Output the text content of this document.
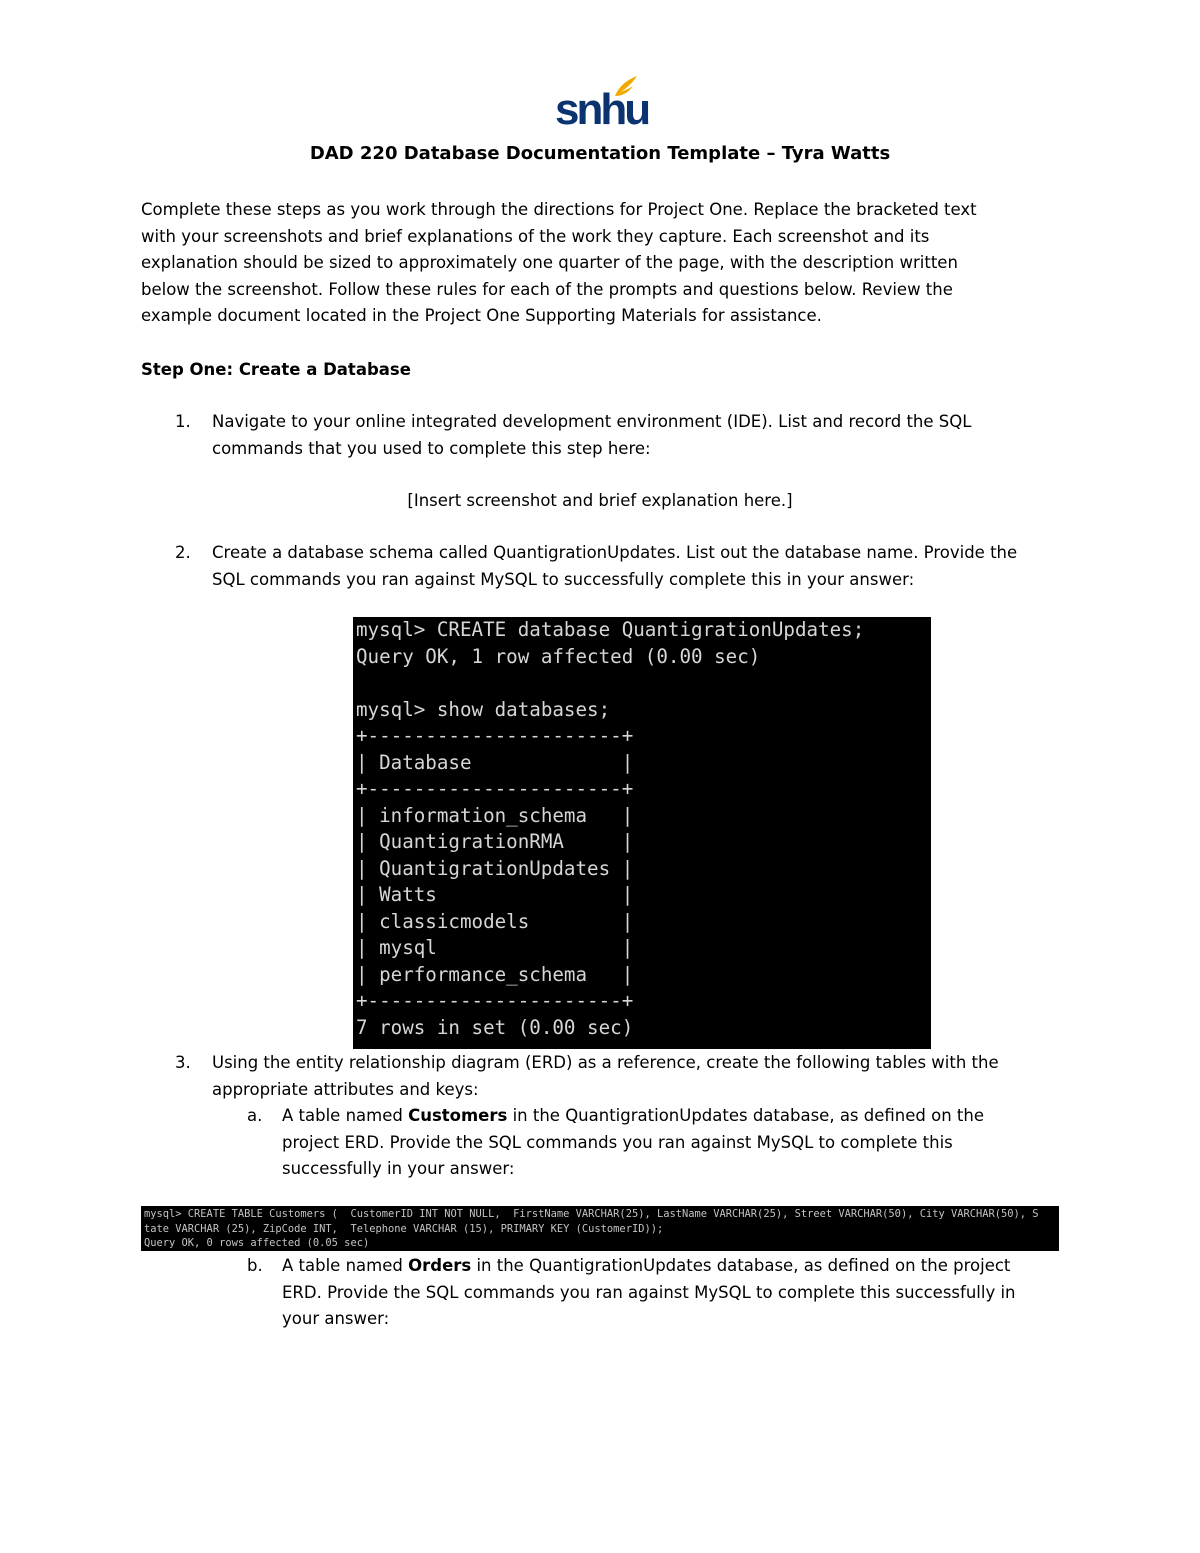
snhu
DAD 220 Database Documentation Template – Tyra Watts
Complete these steps as you work through the directions for Project One. Replace the bracketed text
with your screenshots and brief explanations of the work they capture. Each screenshot and its
explanation should be sized to approximately one quarter of the page, with the description written
below the screenshot. Follow these rules for each of the prompts and questions below. Review the
example document located in the Project One Supporting Materials for assistance.
Step One: Create a Database
1. Navigate to your online integrated development environment (IDE). List and record the SQL
commands that you used to complete this step here:

[Insert screenshot and brief explanation here.]

2. Create a database schema called QuantigrationUpdates. List out the database name. Provide the
SQL commands you ran against MySQL to successfully complete this in your answer:
mysql> CREATE database QuantigrationUpdates;
Query OK, 1 row affected (0.00 sec)
mysql> show databases;
+----------------------+
| Database             |
+----------------------+
| information_schema   |
| QuantigrationRMA     |
| QuantigrationUpdates |
| Watts                |
| classicmodels        |
| mysql                |
| performance_schema   |
+----------------------+
7 rows in set (0.00 sec)
3. Using the entity relationship diagram (ERD) as a reference, create the following tables with the
appropriate attributes and keys:
a. A table named Customers in the QuantigrationUpdates database, as defined on the
project ERD. Provide the SQL commands you ran against MySQL to complete this
successfully in your answer:
mysql> CREATE TABLE Customers (  CustomerID INT NOT NULL,  FirstName VARCHAR(25), LastName VARCHAR(25), Street VARCHAR(50), City VARCHAR(50), S
tate VARCHAR (25), ZipCode INT,  Telephone VARCHAR (15), PRIMARY KEY (CustomerID));
Query OK, 0 rows affected (0.05 sec)
b. A table named Orders in the QuantigrationUpdates database, as defined on the project
ERD. Provide the SQL commands you ran against MySQL to complete this successfully in
your answer:
